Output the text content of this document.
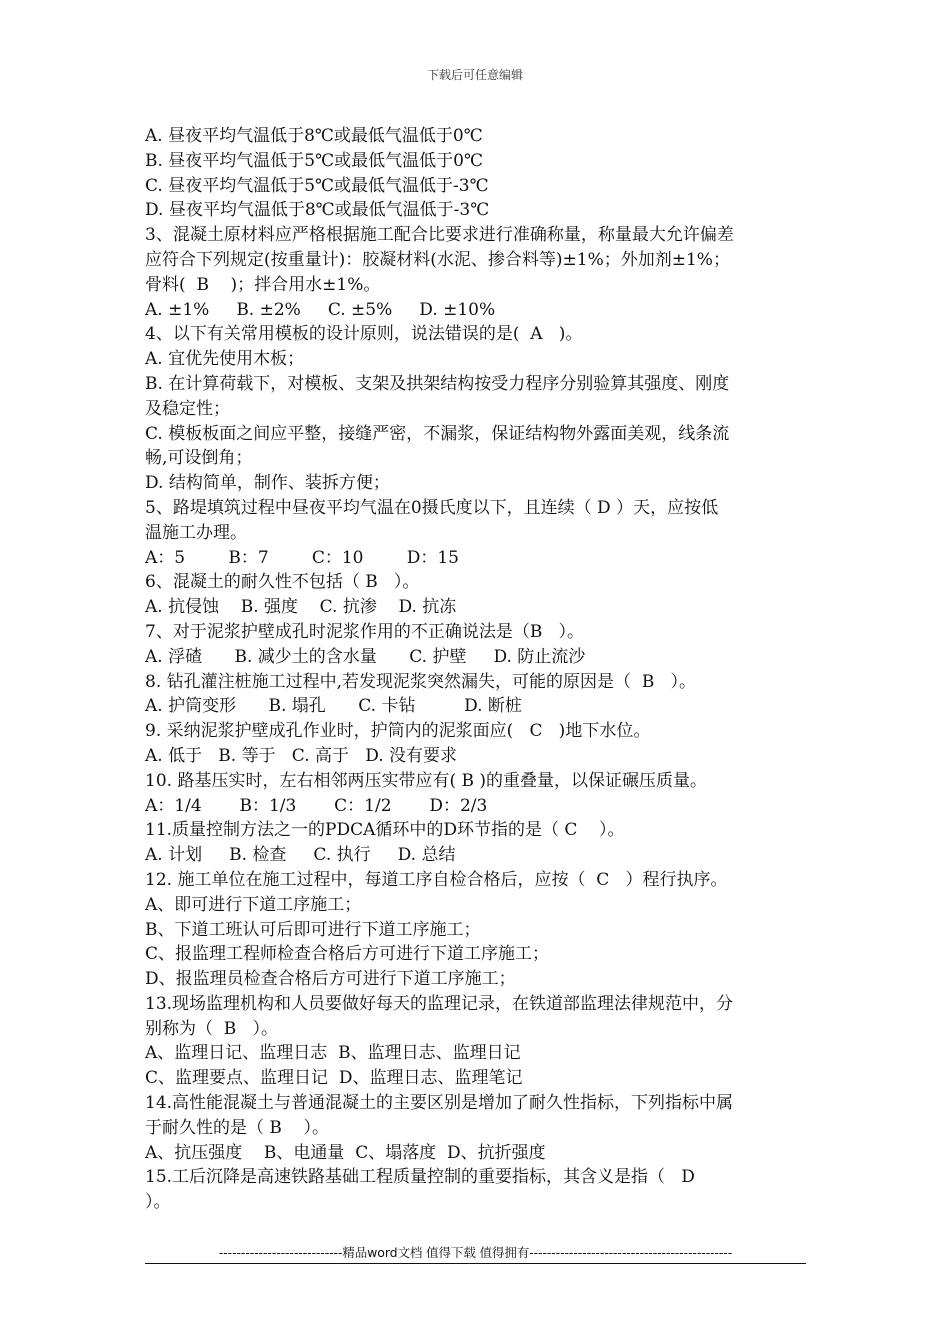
下载后可任意编辑
A. 昼夜平均气温低于8℃或最低气温低于0℃
B. 昼夜平均气温低于5℃或最低气温低于0℃
C. 昼夜平均气温低于5℃或最低气温低于-3℃
D. 昼夜平均气温低于8℃或最低气温低于-3℃
3、混凝土原材料应严格根据施工配合比要求进行准确称量，称量最大允许偏差
应符合下列规定(按重量计)：胶凝材料(水泥、掺合料等)±1%；外加剂±1%；
骨料(  B    )；拌合用水±1%。
A. ±1%     B. ±2%     C. ±5%     D. ±10%
4、以下有关常用模板的设计原则，说法错误的是(  A   )。
A. 宜优先使用木板；
B. 在计算荷载下，对模板、支架及拱架结构按受力程序分别验算其强度、刚度
及稳定性；
C. 模板板面之间应平整，接缝严密，不漏浆，保证结构物外露面美观，线条流
畅,可设倒角；
D. 结构简单，制作、装拆方便；
5、路堤填筑过程中昼夜平均气温在0摄氏度以下，且连续（ D ）天，应按低
温施工办理。
A：5        B：7        C：10        D：15
6、混凝土的耐久性不包括（ B   ）。
A. 抗侵蚀    B. 强度    C. 抗渗    D. 抗冻
7、对于泥浆护壁成孔时泥浆作用的不正确说法是（B   ）。
A. 浮碴      B. 减少土的含水量      C. 护壁     D. 防止流沙
8. 钻孔灌注桩施工过程中,若发现泥浆突然漏失，可能的原因是（  B   ）。
A. 护筒变形      B. 塌孔      C. 卡钻         D. 断桩
9. 采纳泥浆护壁成孔作业时，护筒内的泥浆面应(   C   )地下水位。
A. 低于   B. 等于   C. 高于   D. 没有要求
10. 路基压实时，左右相邻两压实带应有( B )的重叠量，以保证碾压质量。
A：1/4       B：1/3       C：1/2       D：2/3
11.质量控制方法之一的PDCA循环中的D环节指的是（ C    ）。
A. 计划     B. 检查     C. 执行     D. 总结
12. 施工单位在施工过程中，每道工序自检合格后，应按（  C   ）程行执序。
A、即可进行下道工序施工；
B、下道工班认可后即可进行下道工序施工；
C、报监理工程师检查合格后方可进行下道工序施工；
D、报监理员检查合格后方可进行下道工序施工；
13.现场监理机构和人员要做好每天的监理记录，在铁道部监理法律规范中，分
别称为（  B   ）。
A、监理日记、监理日志  B、监理日志、监理日记
C、监理要点、监理日记  D、监理日志、监理笔记
14.高性能混凝土与普通混凝土的主要区别是增加了耐久性指标，下列指标中属
于耐久性的是（ B    ）。
A、抗压强度    B、电通量  C、塌落度  D、抗折强度
15.工后沉降是高速铁路基础工程质量控制的重要指标，其含义是指（   D
）。
----------------------------精品word文档 值得下载 值得拥有----------------------------------------------
